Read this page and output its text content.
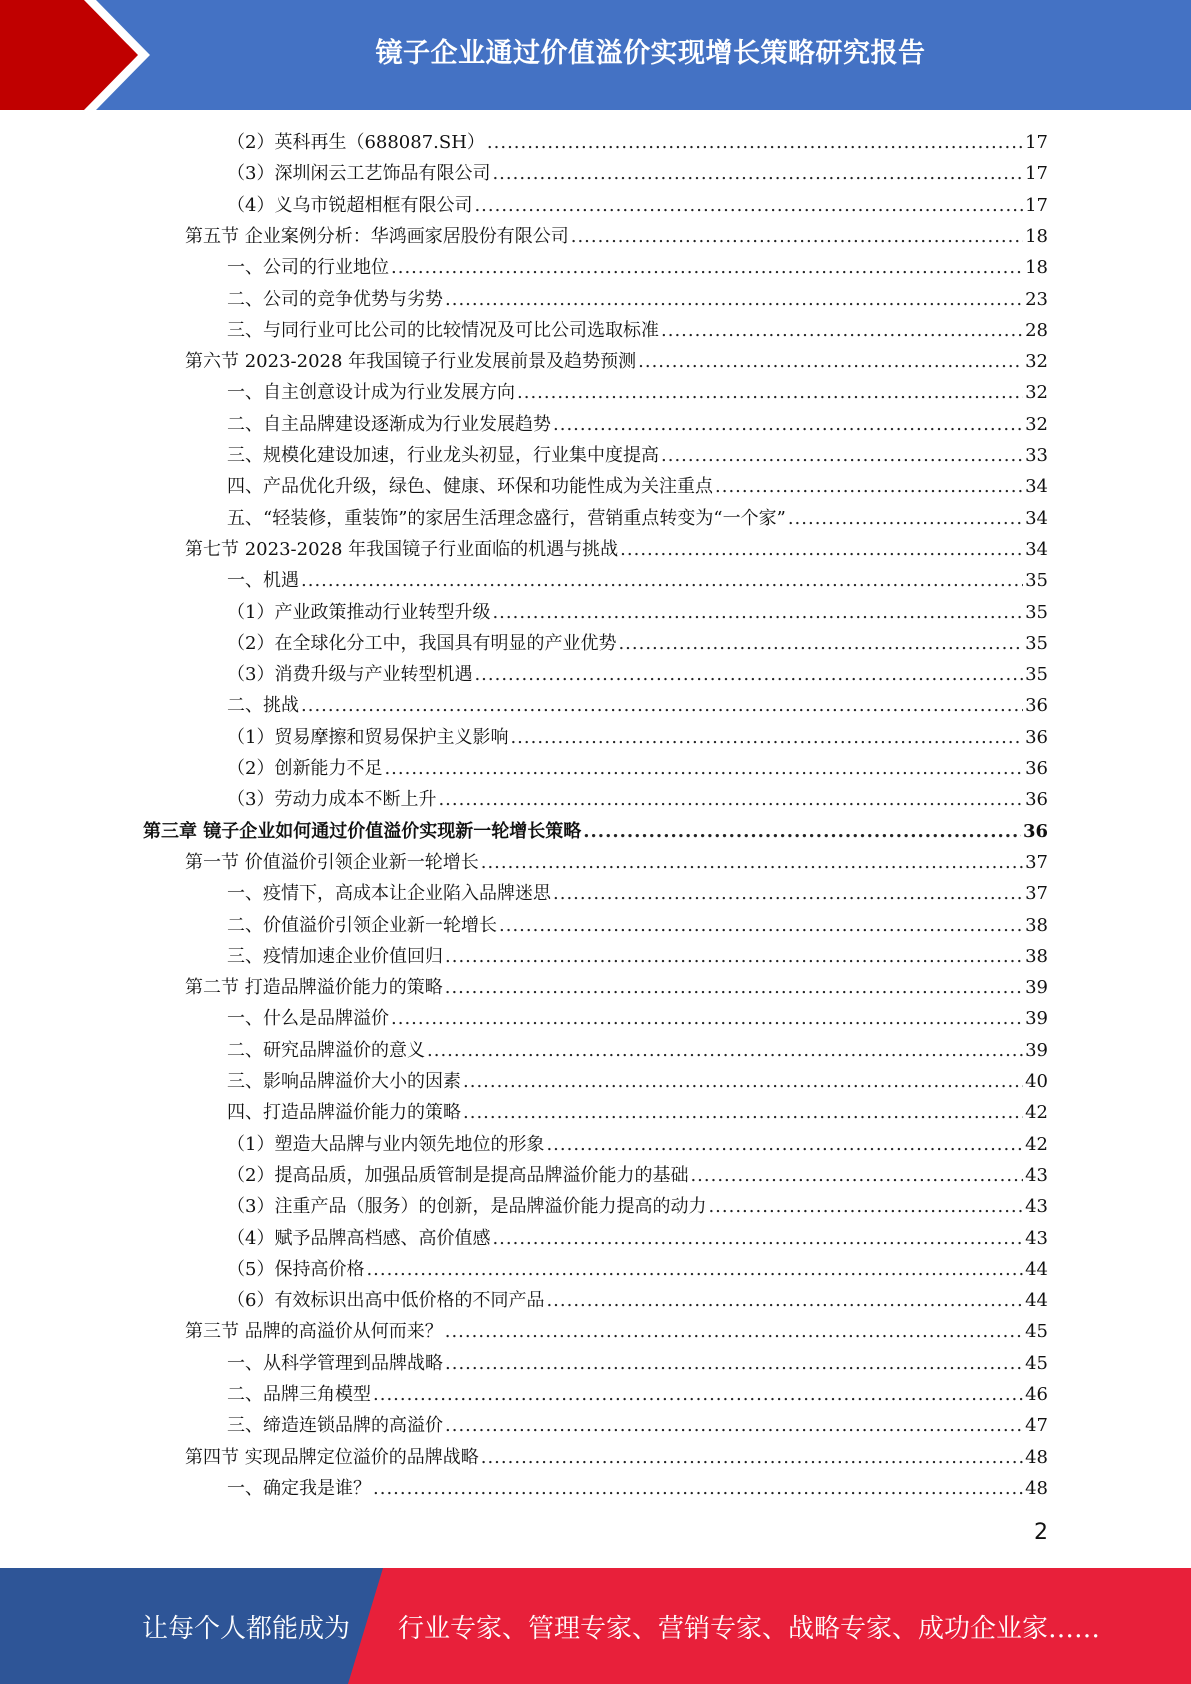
镜子企业通过价值溢价实现增长策略研究报告
（2）英科再生（688087.SH） .....	17
（3）深圳闲云工艺饰品有限公司 .....	17
（4）义乌市锐超相框有限公司 .....	17
第五节 企业案例分析：华鸿画家居股份有限公司 .....	18
一、公司的行业地位 .....	18
二、公司的竞争优势与劣势 .....	23
三、与同行业可比公司的比较情况及可比公司选取标准 .....	28
第六节 2023-2028 年我国镜子行业发展前景及趋势预测 .....	32
一、自主创意设计成为行业发展方向 .....	32
二、自主品牌建设逐渐成为行业发展趋势 .....	32
三、规模化建设加速，行业龙头初显，行业集中度提高 .....	33
四、产品优化升级，绿色、健康、环保和功能性成为关注重点 .....	34
五、“轻装修，重装饰”的家居生活理念盛行，营销重点转变为“一个家” .....	34
第七节 2023-2028 年我国镜子行业面临的机遇与挑战 .....	34
一、机遇 .....	35
（1）产业政策推动行业转型升级 .....	35
（2）在全球化分工中，我国具有明显的产业优势 .....	35
（3）消费升级与产业转型机遇 .....	35
二、挑战 .....	36
（1）贸易摩擦和贸易保护主义影响 .....	36
（2）创新能力不足 .....	36
（3）劳动力成本不断上升 .....	36
第三章 镜子企业如何通过价值溢价实现新一轮增长策略 .....	36
第一节 价值溢价引领企业新一轮增长 .....	37
一、疫情下，高成本让企业陷入品牌迷思 .....	37
二、价值溢价引领企业新一轮增长 .....	38
三、疫情加速企业价值回归 .....	38
第二节 打造品牌溢价能力的策略 .....	39
一、什么是品牌溢价 .....	39
二、研究品牌溢价的意义 .....	39
三、影响品牌溢价大小的因素 .....	40
四、打造品牌溢价能力的策略 .....	42
（1）塑造大品牌与业内领先地位的形象 .....	42
（2）提高品质，加强品质管制是提高品牌溢价能力的基础 .....	43
（3）注重产品（服务）的创新，是品牌溢价能力提高的动力 .....	43
（4）赋予品牌高档感、高价值感 .....	43
（5）保持高价格 .....	44
（6）有效标识出高中低价格的不同产品 .....	44
第三节 品牌的高溢价从何而来？ .....	45
一、从科学管理到品牌战略 .....	45
二、品牌三角模型 .....	46
三、缔造连锁品牌的高溢价 .....	47
第四节 实现品牌定位溢价的品牌战略 .....	48
一、确定我是谁？ .....	48
2
让每个人都能成为 行业专家、管理专家、营销专家、战略专家、成功企业家……
